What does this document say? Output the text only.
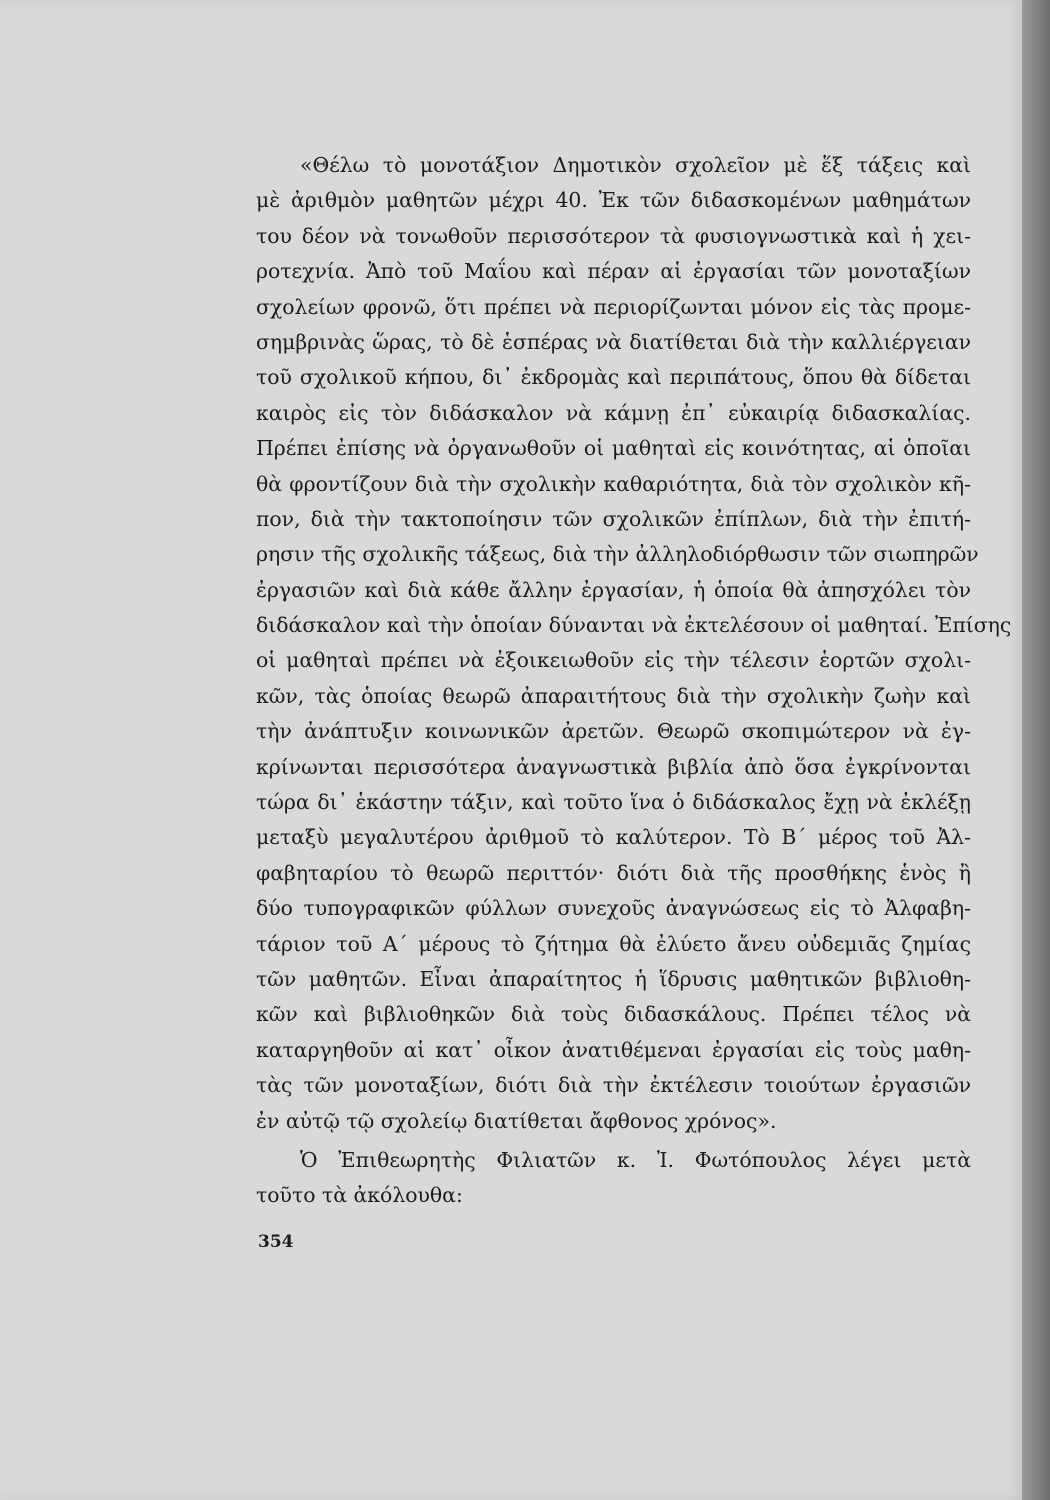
«Θέλω τὸ μονοτάξιον Δημοτικὸν σχολεῖον μὲ ἕξ τάξεις καὶ
μὲ ἀριθμὸν μαθητῶν μέχρι 40. Ἐκ τῶν διδασκομένων μαθημάτων
του δέον νὰ τονωθοῦν περισσότερον τὰ φυσιογνωστικὰ καὶ ἡ χει-
ροτεχνία. Ἀπὸ τοῦ Μαΐου καὶ πέραν αἱ ἐργασίαι τῶν μονοταξίων
σχολείων φρονῶ, ὅτι πρέπει νὰ περιορίζωνται μόνον εἰς τὰς προμε-
σημβρινὰς ὥρας, τὸ δὲ ἑσπέρας νὰ διατίθεται διὰ τὴν καλλιέργειαν
τοῦ σχολικοῦ κήπου, δι᾽ ἐκδρομὰς καὶ περιπάτους, ὅπου θὰ δίδεται
καιρὸς εἰς τὸν διδάσκαλον νὰ κάμνῃ ἐπ᾽ εὐκαιρίᾳ διδασκαλίας.
Πρέπει ἐπίσης νὰ ὀργανωθοῦν οἱ μαθηταὶ εἰς κοινότητας, αἱ ὁποῖαι
θὰ φροντίζουν διὰ τὴν σχολικὴν καθαριότητα, διὰ τὸν σχολικὸν κῆ-
πον, διὰ τὴν τακτοποίησιν τῶν σχολικῶν ἐπίπλων, διὰ τὴν ἐπιτή-
ρησιν τῆς σχολικῆς τάξεως, διὰ τὴν ἀλληλοδιόρθωσιν τῶν σιωπηρῶν
ἐργασιῶν καὶ διὰ κάθε ἄλλην ἐργασίαν, ἡ ὁποία θὰ ἀπησχόλει τὸν
διδάσκαλον καὶ τὴν ὁποίαν δύνανται νὰ ἐκτελέσουν οἱ μαθηταί. Ἐπίσης
οἱ μαθηταὶ πρέπει νὰ ἐξοικειωθοῦν εἰς τὴν τέλεσιν ἑορτῶν σχολι-
κῶν, τὰς ὁποίας θεωρῶ ἀπαραιτήτους διὰ τὴν σχολικὴν ζωὴν καὶ
τὴν ἀνάπτυξιν κοινωνικῶν ἀρετῶν. Θεωρῶ σκοπιμώτερον νὰ ἐγ-
κρίνωνται περισσότερα ἀναγνωστικὰ βιβλία ἀπὸ ὅσα ἐγκρίνονται
τώρα δι᾽ ἑκάστην τάξιν, καὶ τοῦτο ἵνα ὁ διδάσκαλος ἔχῃ νὰ ἐκλέξῃ
μεταξὺ μεγαλυτέρου ἀριθμοῦ τὸ καλύτερον. Τὸ Β΄ μέρος τοῦ Ἀλ-
φαβηταρίου τὸ θεωρῶ περιττόν· διότι διὰ τῆς προσθήκης ἑνὸς ἢ
δύο τυπογραφικῶν φύλλων συνεχοῦς ἀναγνώσεως εἰς τὸ Ἀλφαβη-
τάριον τοῦ Α΄ μέρους τὸ ζήτημα θὰ ἐλύετο ἄνευ οὐδεμιᾶς ζημίας
τῶν μαθητῶν. Εἶναι ἀπαραίτητος ἡ ἵδρυσις μαθητικῶν βιβλιοθη-
κῶν καὶ βιβλιοθηκῶν διὰ τοὺς διδασκάλους. Πρέπει τέλος νὰ
καταργηθοῦν αἱ κατ᾽ οἶκον ἀνατιθέμεναι ἐργασίαι εἰς τοὺς μαθη-
τὰς τῶν μονοταξίων, διότι διὰ τὴν ἐκτέλεσιν τοιούτων ἐργασιῶν
ἐν αὐτῷ τῷ σχολείῳ διατίθεται ἄφθονος χρόνος».
Ὁ Ἐπιθεωρητὴς Φιλιατῶν κ. Ἰ. Φωτόπουλος λέγει μετὰ
τοῦτο τὰ ἀκόλουθα:
354
